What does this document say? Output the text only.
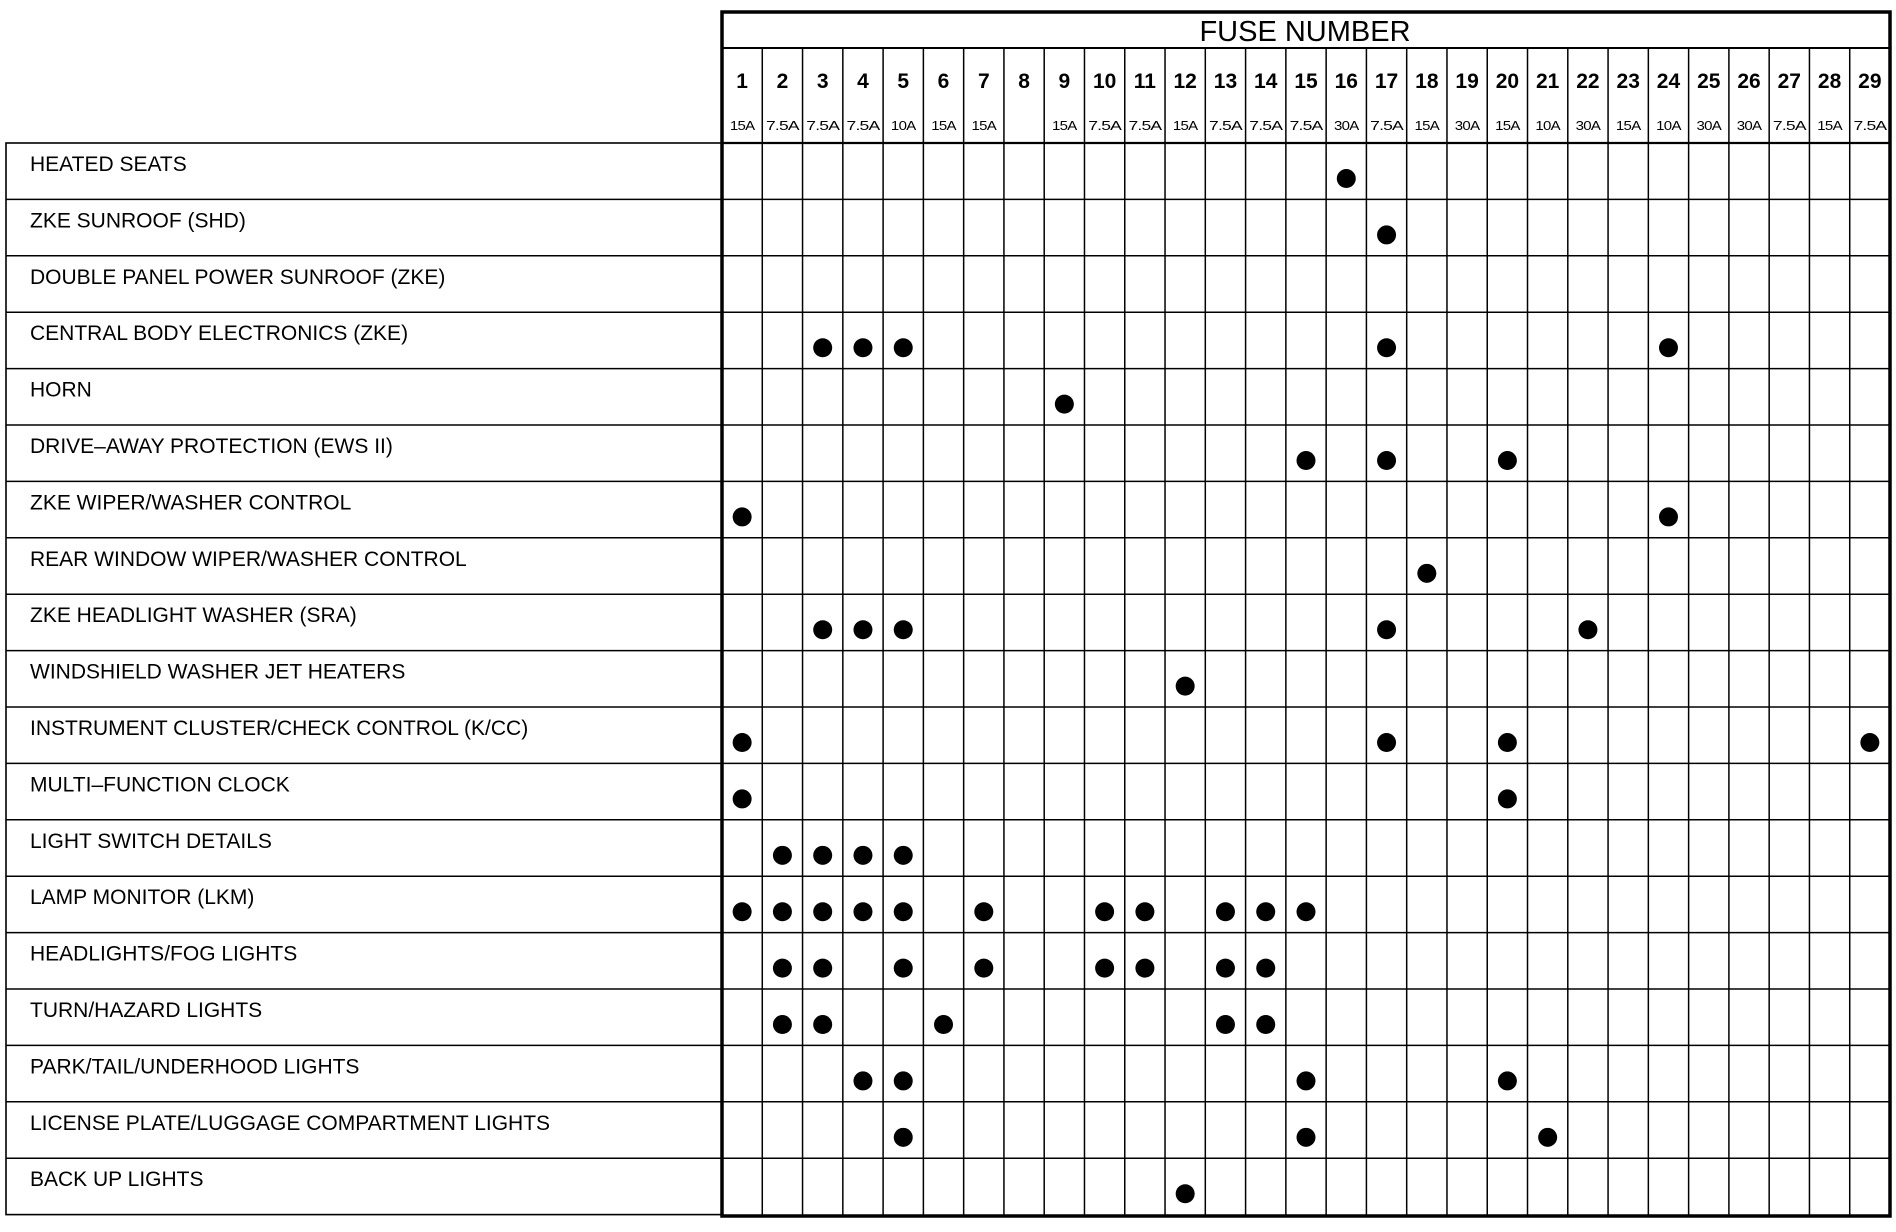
FUSE NUMBER
1
15A
2
7.5A
3
7.5A
4
7.5A
5
10A
6
15A
7
15A
8 9
15A
10
7.5A
11
7.5A
12
15A
13
7.5A
14
7.5A
15
7.5A
16
30A
17
7.5A
18
15A
19
30A
20
15A
21
10A
22
30A
23
15A
24
10A
25
30A
26
30A
27
7.5A
28
15A
29
7.5A
HEATED SEATS
ZKE SUNROOF (SHD)
DOUBLE PANEL POWER SUNROOF (ZKE)
CENTRAL BODY ELECTRONICS (ZKE)
HORN
DRIVE–AWAY PROTECTION (EWS II)
ZKE WIPER/WASHER CONTROL
REAR WINDOW WIPER/WASHER CONTROL
ZKE HEADLIGHT WASHER (SRA)
WINDSHIELD WASHER JET HEATERS
INSTRUMENT CLUSTER/CHECK CONTROL (K/CC)
MULTI–FUNCTION CLOCK
LIGHT SWITCH DETAILS
LAMP MONITOR (LKM)
HEADLIGHTS/FOG LIGHTS
TURN/HAZARD LIGHTS
PARK/TAIL/UNDERHOOD LIGHTS
LICENSE PLATE/LUGGAGE COMPARTMENT LIGHTS
BACK UP LIGHTS
